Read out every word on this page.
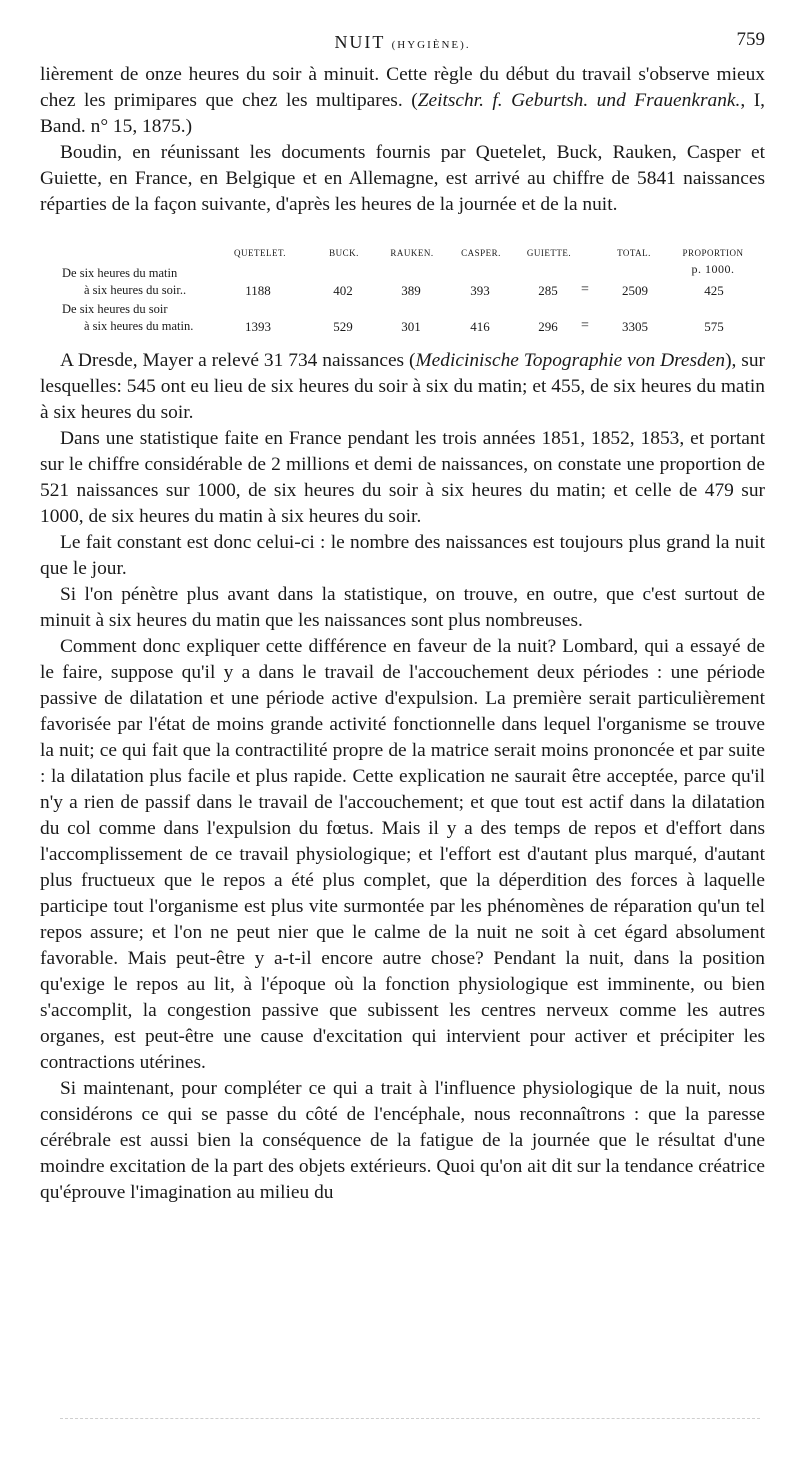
NUIT (HYGIÈNE).	759

lièrement de onze heures du soir à minuit. Cette règle du début du travail s'observe mieux chez les primipares que chez les multipares. (Zeitschr. f. Geburtsh. und Frauenkrank., I, Band. n° 15, 1875.)

Boudin, en réunissant les documents fournis par Quetelet, Buck, Rauken, Casper et Guiette, en France, en Belgique et en Allemagne, est arrivé au chiffre de 5841 naissances réparties de la façon suivante, d'après les heures de la journée et de la nuit.

QUETELET.	BUCK.	RAUKEN.	CASPER.	GUIETTE.	TOTAL.	PROPORTION
p. 1000.
De six heures du matin
à six heures du soir..	1188	402	389	393	285	=	2509	425
De six heures du soir
à six heures du matin.	1393	529	301	416	296	=	3305	575

A Dresde, Mayer a relevé 31 734 naissances (Medicinische Topographie von Dresden), sur lesquelles: 545 ont eu lieu de six heures du soir à six du matin; et 455, de six heures du matin à six heures du soir.

Dans une statistique faite en France pendant les trois années 1851, 1852, 1853, et portant sur le chiffre considérable de 2 millions et demi de naissances, on constate une proportion de 521 naissances sur 1000, de six heures du soir à six heures du matin; et celle de 479 sur 1000, de six heures du matin à six heures du soir.

Le fait constant est donc celui-ci : le nombre des naissances est toujours plus grand la nuit que le jour.

Si l'on pénètre plus avant dans la statistique, on trouve, en outre, que c'est surtout de minuit à six heures du matin que les naissances sont plus nombreuses.

Comment donc expliquer cette différence en faveur de la nuit? Lombard, qui a essayé de le faire, suppose qu'il y a dans le travail de l'accouchement deux périodes : une période passive de dilatation et une période active d'expulsion. La première serait particulièrement favorisée par l'état de moins grande activité fonctionnelle dans lequel l'organisme se trouve la nuit; ce qui fait que la contractilité propre de la matrice serait moins prononcée et par suite : la dilatation plus facile et plus rapide. Cette explication ne saurait être acceptée, parce qu'il n'y a rien de passif dans le travail de l'accouchement; et que tout est actif dans la dilatation du col comme dans l'expulsion du fœtus. Mais il y a des temps de repos et d'effort dans l'accomplissement de ce travail physiologique; et l'effort est d'autant plus marqué, d'autant plus fructueux que le repos a été plus complet, que la déperdition des forces à laquelle participe tout l'organisme est plus vite surmontée par les phénomènes de réparation qu'un tel repos assure; et l'on ne peut nier que le calme de la nuit ne soit à cet égard absolument favorable. Mais peut-être y a-t-il encore autre chose? Pendant la nuit, dans la position qu'exige le repos au lit, à l'époque où la fonction physiologique est imminente, ou bien s'accomplit, la congestion passive que subissent les centres nerveux comme les autres organes, est peut-être une cause d'excitation qui intervient pour activer et précipiter les contractions utérines.

Si maintenant, pour compléter ce qui a trait à l'influence physiologique de la nuit, nous considérons ce qui se passe du côté de l'encéphale, nous reconnaîtrons : que la paresse cérébrale est aussi bien la conséquence de la fatigue de la journée que le résultat d'une moindre excitation de la part des objets extérieurs. Quoi qu'on ait dit sur la tendance créatrice qu'éprouve l'imagination au milieu du
